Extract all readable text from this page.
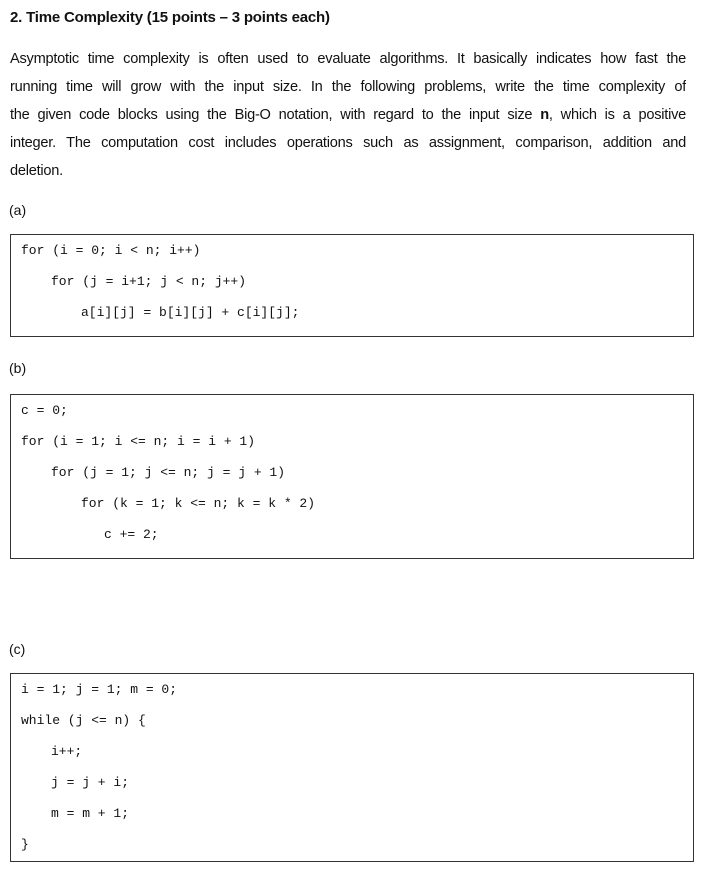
2. Time Complexity (15 points – 3 points each)
Asymptotic time complexity is often used to evaluate algorithms. It basically indicates how fast the
running time will grow with the input size. In the following problems, write the time complexity of
the given code blocks using the Big-O notation, with regard to the input size n, which is a positive
integer. The computation cost includes operations such as assignment, comparison, addition and
deletion.
(a)
for (i = 0; i < n; i++)
for (j = i+1; j < n; j++)
a[i][j] = b[i][j] + c[i][j];
(b)
c = 0;
for (i = 1; i <= n; i = i + 1)
for (j = 1; j <= n; j = j + 1)
for (k = 1; k <= n; k = k * 2)
c += 2;
(c)
i = 1; j = 1; m = 0;
while (j <= n) {
i++;
j = j + i;
m = m + 1;
}
